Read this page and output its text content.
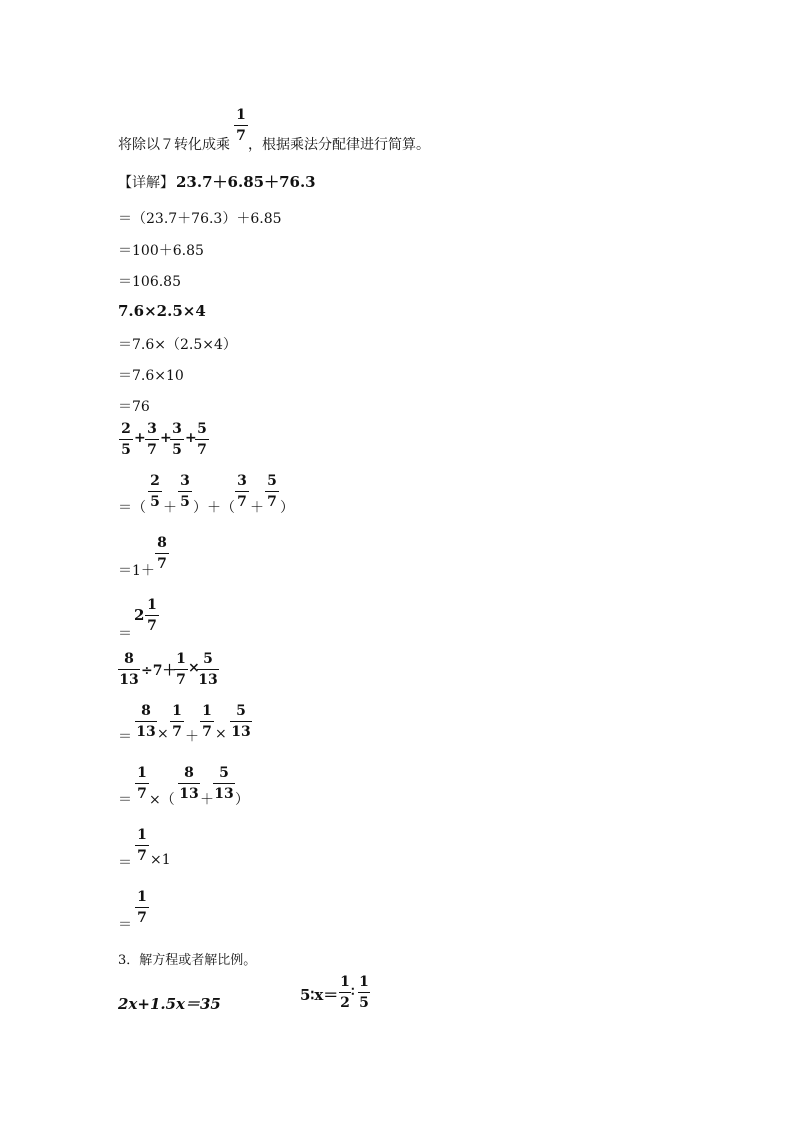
将除以７转化成乘
1
7
，根据乘法分配律进行简算。
【详解】 23.7＋6.85＋76.3
＝（23.7＋76.3）＋6.85
＝100＋6.85
＝106.85
7.6×2.5×4
＝7.6×（2.5×4）
＝7.6×10
＝76
2
5
+
3
7
+
3
5
+
5
7
＝（
2
5 ＋
3
5 ）＋（
3
7 ＋
5
7 ）
＝1＋
8
7
＝
2
1
7
8
13
÷7＋
1
7
×
5
13
＝
8
13 ×
1
7 ＋
1
7 ×
5
13
＝
1
7 ×（
8
13 ＋
5
13 ）
＝
1
7 ×1
＝
1
7
3．解方程或者解比例。
2x+1.5x＝35	5∶x＝
1
2
∶
1
5
